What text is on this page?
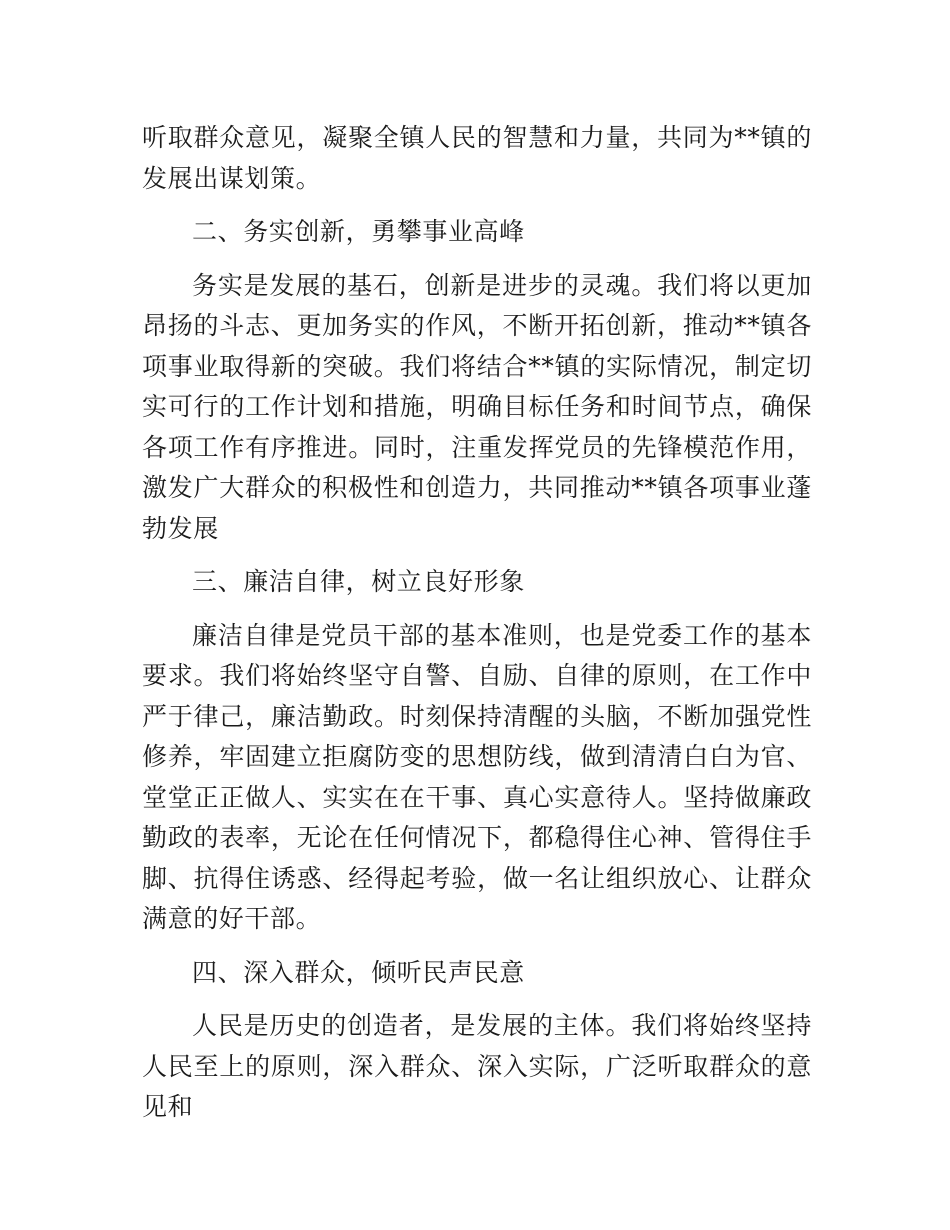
听取群众意见，凝聚全镇人民的智慧和力量，共同为**镇的发展出谋划策。

二、务实创新，勇攀事业高峰

务实是发展的基石，创新是进步的灵魂。我们将以更加昂扬的斗志、更加务实的作风，不断开拓创新，推动**镇各项事业取得新的突破。我们将结合**镇的实际情况，制定切实可行的工作计划和措施，明确目标任务和时间节点，确保各项工作有序推进。同时，注重发挥党员的先锋模范作用，激发广大群众的积极性和创造力，共同推动**镇各项事业蓬勃发展

三、廉洁自律，树立良好形象

廉洁自律是党员干部的基本准则，也是党委工作的基本要求。我们将始终坚守自警、自励、自律的原则，在工作中严于律己，廉洁勤政。时刻保持清醒的头脑，不断加强党性修养，牢固建立拒腐防变的思想防线，做到清清白白为官、堂堂正正做人、实实在在干事、真心实意待人。坚持做廉政勤政的表率，无论在任何情况下，都稳得住心神、管得住手脚、抗得住诱惑、经得起考验，做一名让组织放心、让群众满意的好干部。

四、深入群众，倾听民声民意

人民是历史的创造者，是发展的主体。我们将始终坚持人民至上的原则，深入群众、深入实际，广泛听取群众的意见和
